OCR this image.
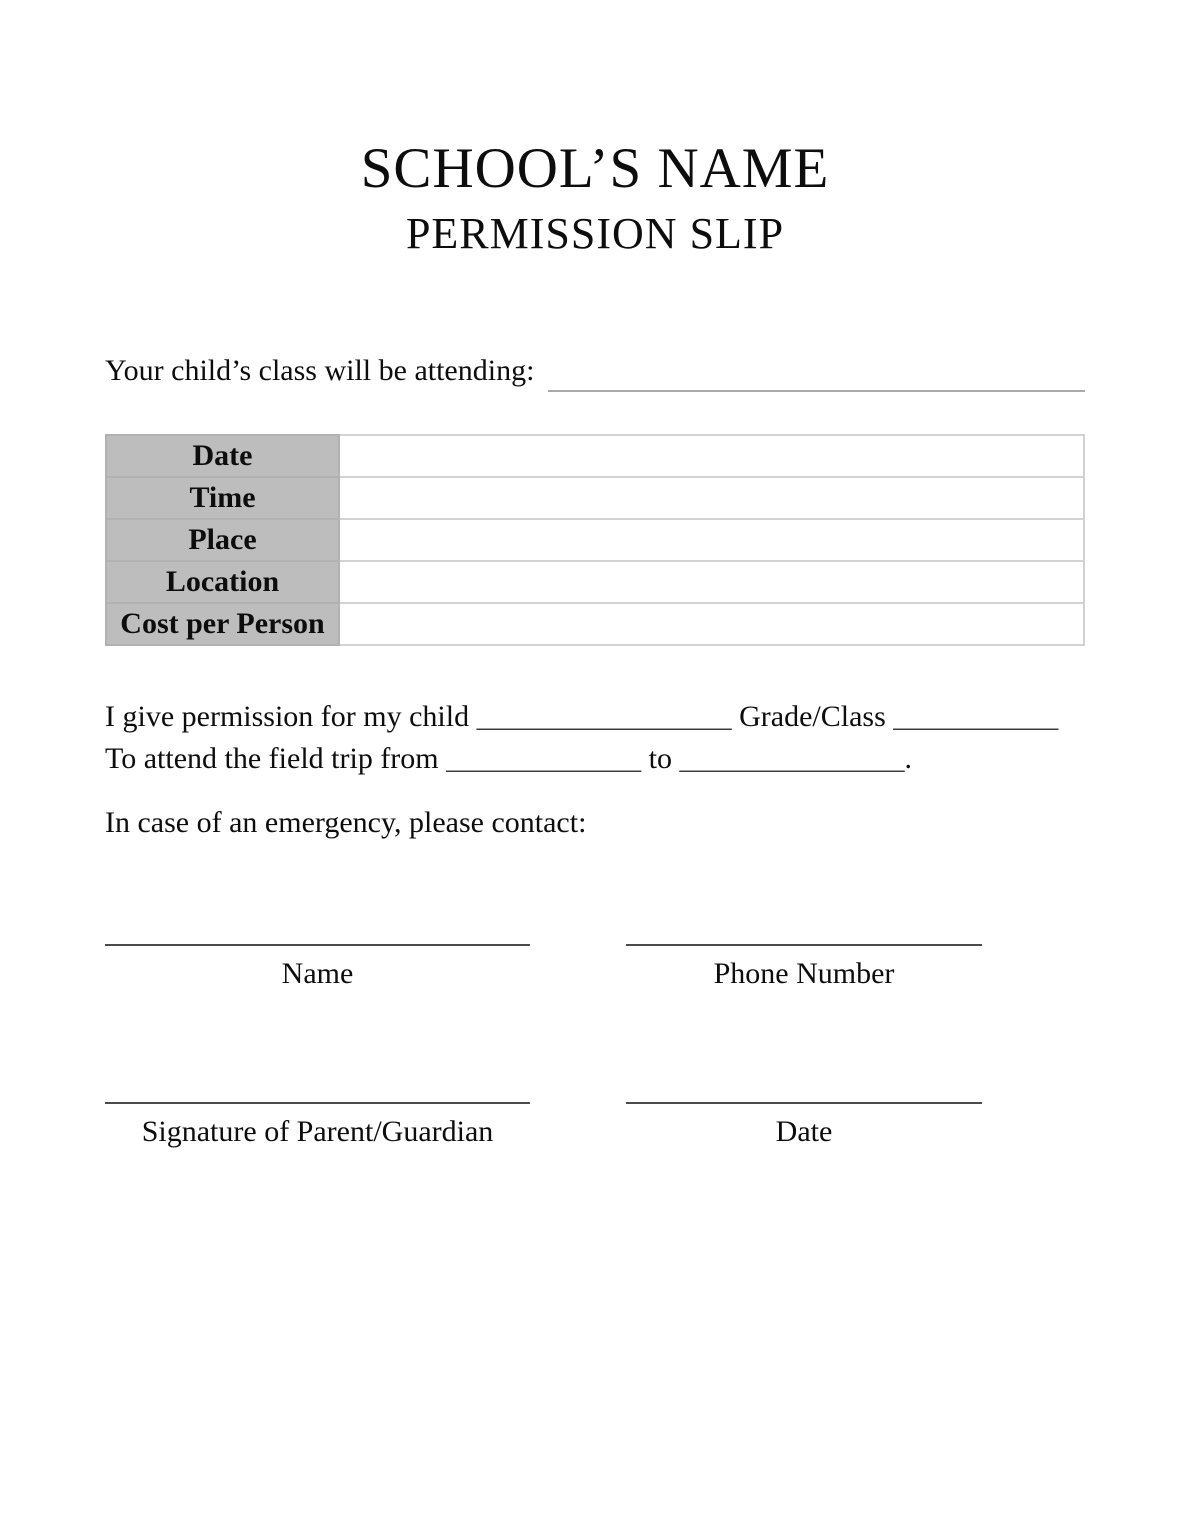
SCHOOL’S NAME
PERMISSION SLIP
Your child’s class will be attending:
Date	
Time	
Place	
Location	
Cost per Person	
I give permission for my child _________________ Grade/Class ___________
To attend the field trip from _____________ to _______________.
In case of an emergency, please contact:
Name	Phone Number
Signature of Parent/Guardian	Date
